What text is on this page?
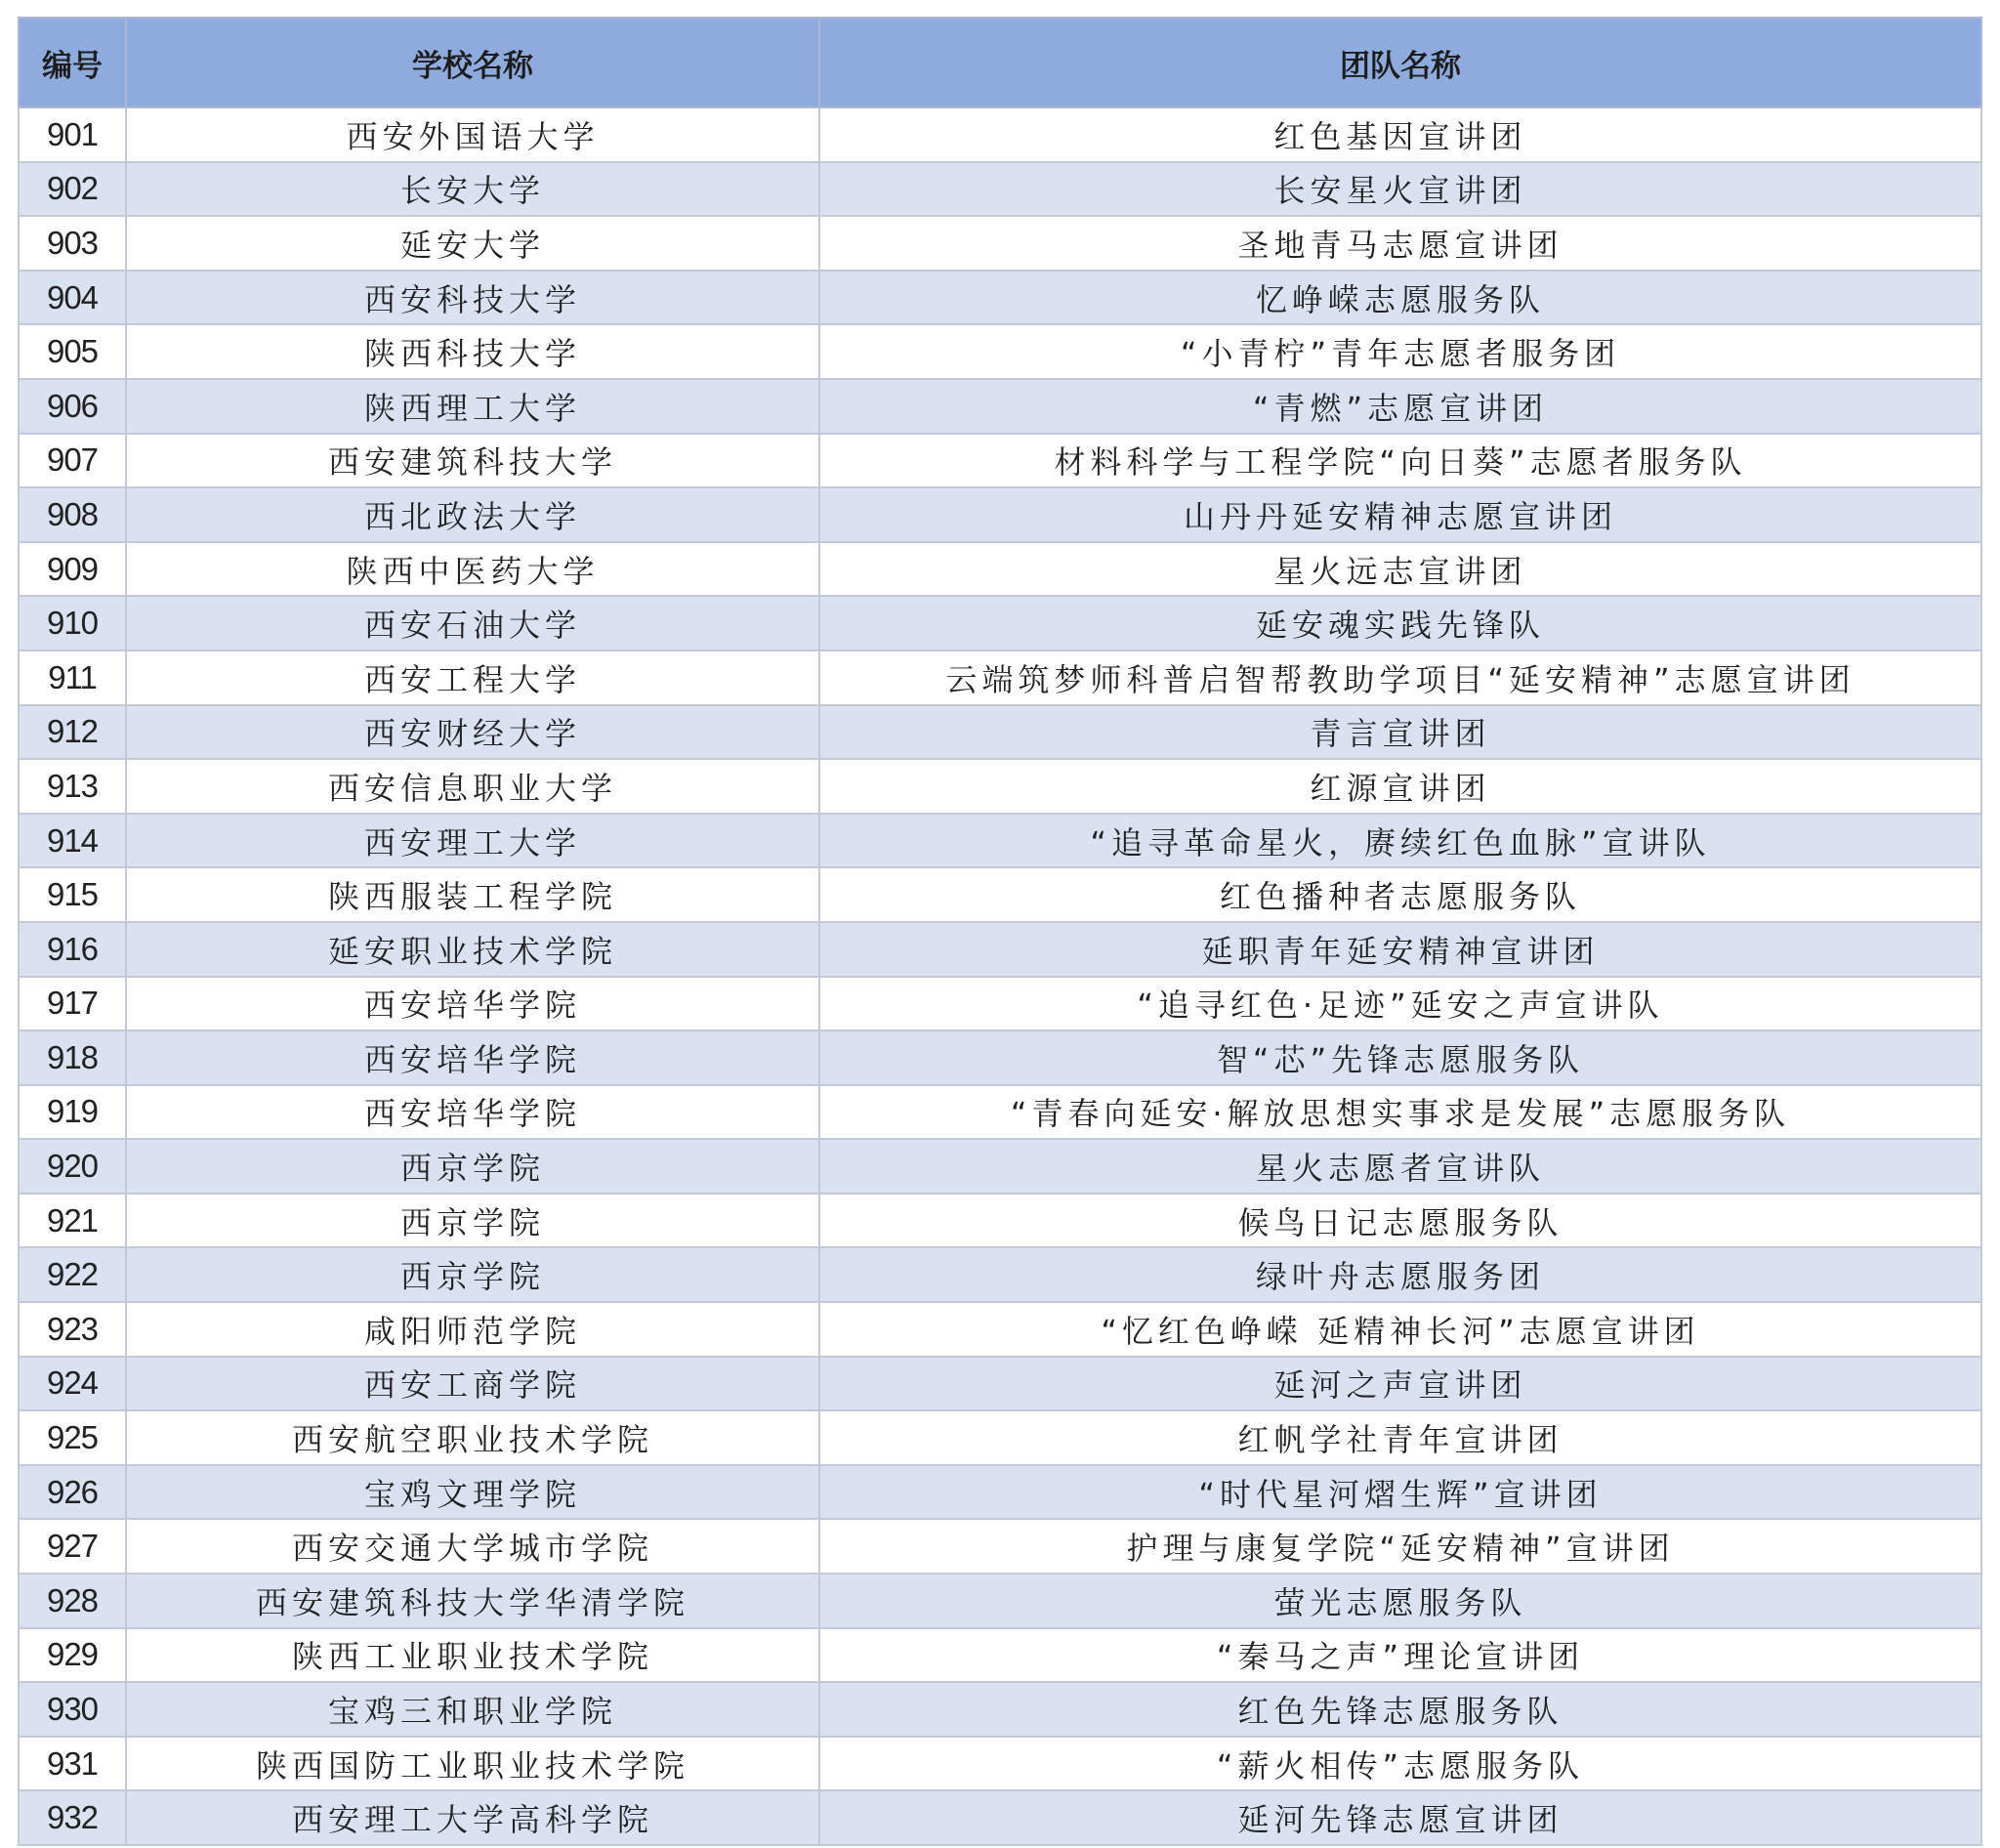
编号	学校名称	团队名称
901	西安外国语大学	红色基因宣讲团
902	长安大学	长安星火宣讲团
903	延安大学	圣地青马志愿宣讲团
904	西安科技大学	忆峥嵘志愿服务队
905	陕西科技大学	“小青柠”青年志愿者服务团
906	陕西理工大学	“青燃”志愿宣讲团
907	西安建筑科技大学	材料科学与工程学院“向日葵”志愿者服务队
908	西北政法大学	山丹丹延安精神志愿宣讲团
909	陕西中医药大学	星火远志宣讲团
910	西安石油大学	延安魂实践先锋队
911	西安工程大学	云端筑梦师科普启智帮教助学项目“延安精神”志愿宣讲团
912	西安财经大学	青言宣讲团
913	西安信息职业大学	红源宣讲团
914	西安理工大学	“追寻革命星火，赓续红色血脉”宣讲队
915	陕西服装工程学院	红色播种者志愿服务队
916	延安职业技术学院	延职青年延安精神宣讲团
917	西安培华学院	“追寻红色·足迹”延安之声宣讲队
918	西安培华学院	智“芯”先锋志愿服务队
919	西安培华学院	“青春向延安·解放思想实事求是发展”志愿服务队
920	西京学院	星火志愿者宣讲队
921	西京学院	候鸟日记志愿服务队
922	西京学院	绿叶舟志愿服务团
923	咸阳师范学院	“忆红色峥嵘 延精神长河”志愿宣讲团
924	西安工商学院	延河之声宣讲团
925	西安航空职业技术学院	红帆学社青年宣讲团
926	宝鸡文理学院	“时代星河熠生辉”宣讲团
927	西安交通大学城市学院	护理与康复学院“延安精神”宣讲团
928	西安建筑科技大学华清学院	萤光志愿服务队
929	陕西工业职业技术学院	“秦马之声”理论宣讲团
930	宝鸡三和职业学院	红色先锋志愿服务队
931	陕西国防工业职业技术学院	“薪火相传”志愿服务队
932	西安理工大学高科学院	延河先锋志愿宣讲团
